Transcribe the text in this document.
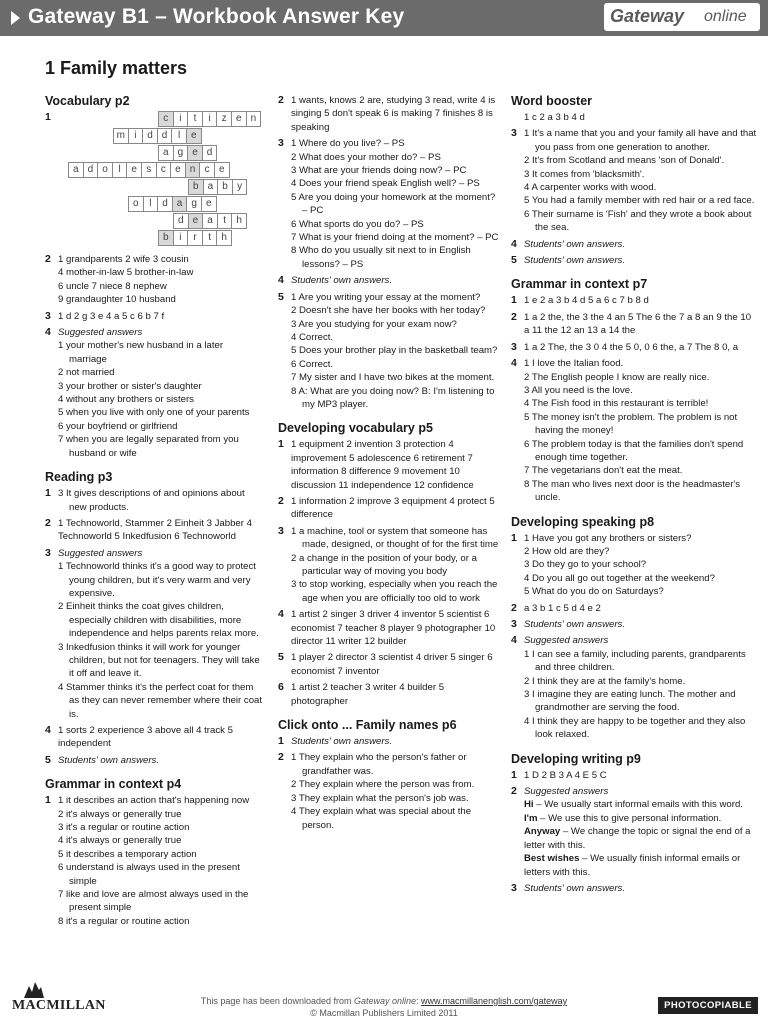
Gateway B1 – Workbook Answer Key	Gateway online
1 Family matters
Vocabulary p2
1	c	i	t	i	z e n
m i	d d	l	e
a g e d
a d o	l	e s c e n c e
b a b y
o	l	d a g e
d e a	t	h
b	i	r	t	h
2 1 grandparents 2 wife 3 cousin
4 mother-in-law 5 brother-in-law
6 uncle 7 niece 8 nephew
9 grandaughter 10 husband
3 1 d 2 g 3 e 4 a 5 c 6 b 7 f
4 Suggested answers
1 your mother's new husband in a later marriage
2 not married
3 your brother or sister's daughter
4 without any brothers or sisters
5 when you live with only one of your parents
6 your boyfriend or girlfriend
7 when you are legally separated from you husband or wife
Reading p3
1 3 It gives descriptions of and opinions about new products.
2 1 Technoworld, Stammer 2 Einheit 3 Jabber 4 Technoworld 5 Inkedfusion 6 Technoworld
3 Suggested answers
1 Technoworld thinks it's a good way to protect young children, but it's very warm and very expensive.
2 Einheit thinks the coat gives children, especially children with disabilities, more independence and helps parents relax more.
3 Inkedfusion thinks it will work for younger children, but not for teenagers. They will take it off and leave it.
4 Stammer thinks it's the perfect coat for them as they can never remember where their coat is.
4 1 sorts 2 experience 3 above all 4 track 5 independent
5 Students' own answers.
Grammar in context p4
1 1 it describes an action that's happening now
2 it's always or generally true
3 it's a regular or routine action
4 it's always or generally true
5 it describes a temporary action
6 understand is always used in the present simple
7 like and love are almost always used in the present simple
8 it's a regular or routine action
2 1 wants, knows 2 are, studying 3 read, write 4 is singing 5 don't speak 6 is making 7 finishes 8 is speaking
3 1 Where do you live? – PS
2 What does your mother do? – PS
3 What are your friends doing now? – PC
4 Does your friend speak English well? – PS
5 Are you doing your homework at the moment? – PC
6 What sports do you do? – PS
7 What is your friend doing at the moment? – PC
8 Who do you usually sit next to in English lessons? – PS
4 Students' own answers.
5 1 Are you writing your essay at the moment?
2 Doesn't she have her books with her today?
3 Are you studying for your exam now?
4 Correct.
5 Does your brother play in the basketball team?
6 Correct.
7 My sister and I have two bikes at the moment.
8 A: What are you doing now? B: I'm listening to my MP3 player.
Developing vocabulary p5
1 1 equipment 2 invention 3 protection 4 improvement 5 adolescence 6 retirement 7 information 8 difference 9 movement 10 discussion 11 independence 12 confidence
2 1 information 2 improve 3 equipment 4 protect 5 difference
3 1 a machine, tool or system that someone has made, designed, or thought of for the first time
2 a change in the position of your body, or a particular way of moving you body
3 to stop working, especially when you reach the age when you are officially too old to work
4 1 artist 2 singer 3 driver 4 inventor 5 scientist 6 economist 7 teacher 8 player 9 photographer 10 director 11 writer 12 builder
5 1 player 2 director 3 scientist 4 driver 5 singer 6 economist 7 inventor
6 1 artist 2 teacher 3 writer 4 builder 5 photographer
Click onto ... Family names p6
1 Students' own answers.
2 1 They explain who the person's father or grandfather was.
2 They explain where the person was from.
3 They explain what the person's job was.
4 They explain what was special about the person.
Word booster
1 c 2 a 3 b 4 d
3 1 It's a name that you and your family all have and that you pass from one generation to another.
2 It's from Scotland and means 'son of Donald'.
3 It comes from 'blacksmith'.
4 A carpenter works with wood.
5 You had a family member with red hair or a red face.
6 Their surname is 'Fish' and they wrote a book about the sea.
4 Students' own answers.
5 Students' own answers.
Grammar in context p7
1 1 e 2 a 3 b 4 d 5 a 6 c 7 b 8 d
2 1 a 2 the, the 3 the 4 an 5 The 6 the 7 a 8 an 9 the 10 a 11 the 12 an 13 a 14 the
3 1 a 2 The, the 3 0 4 the 5 0, 0 6 the, a 7 The 8 0, a
4 1 I love the Italian food.
2 The English people I know are really nice.
3 All you need is the love.
4 The Fish food in this restaurant is terrible!
5 The money isn't the problem. The problem is not having the money!
6 The problem today is that the families don't spend enough time together.
7 The vegetarians don't eat the meat.
8 The man who lives next door is the headmaster's uncle.
Developing speaking p8
1 1 Have you got any brothers or sisters?
2 How old are they?
3 Do they go to your school?
4 Do you all go out together at the weekend?
5 What do you do on Saturdays?
2 a 3 b 1 c 5 d 4 e 2
3 Students' own answers.
4 Suggested answers
1 I can see a family, including parents, grandparents and three children.
2 I think they are at the family's home.
3 I imagine they are eating lunch. The mother and grandmother are serving the food.
4 I think they are happy to be together and they also look relaxed.
Developing writing p9
1 1 D 2 B 3 A 4 E 5 C
2 Suggested answers
Hi – We usually start informal emails with this word.
I'm – We use this to give personal information.
Anyway – We change the topic or signal the end of a letter with this.
Best wishes – We usually finish informal emails or letters with this.
3 Students' own answers.
MACMILLAN	This page has been downloaded from Gateway online: www.macmillanenglish.com/gateway
© Macmillan Publishers Limited 2011
PHOTOCOPIABLE
